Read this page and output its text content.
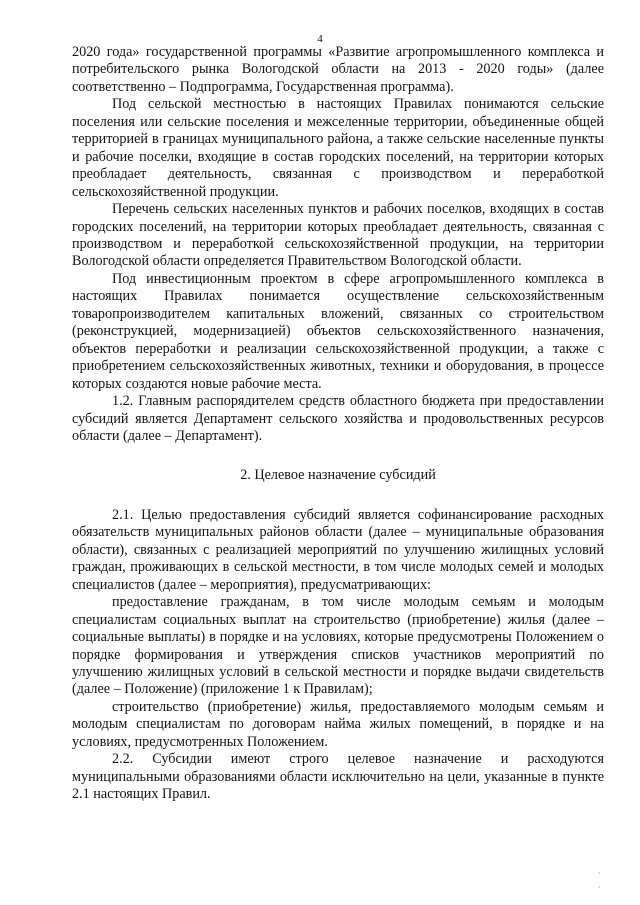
4

2020 года» государственной программы «Развитие агропромышленного комплекса и потребительского рынка Вологодской области на 2013 - 2020 годы» (далее соответственно – Подпрограмма, Государственная программа).

Под сельской местностью в настоящих Правилах понимаются сельские поселения или сельские поселения и межселенные территории, объединенные общей территорией в границах муниципального района, а также сельские населенные пункты и рабочие поселки, входящие в состав городских поселений, на территории которых преобладает деятельность, связанная с производством и переработкой сельскохозяйственной продукции.

Перечень сельских населенных пунктов и рабочих поселков, входящих в состав городских поселений, на территории которых преобладает деятельность, связанная с производством и переработкой сельскохозяйственной продукции, на территории Вологодской области определяется Правительством Вологодской области.

Под инвестиционным проектом в сфере агропромышленного комплекса в настоящих Правилах понимается осуществление сельскохозяйственным товаропроизводителем капитальных вложений, связанных со строительством (реконструкцией, модернизацией) объектов сельскохозяйственного назначения, объектов переработки и реализации сельскохозяйственной продукции, а также с приобретением сельскохозяйственных животных, техники и оборудования, в процессе которых создаются новые рабочие места.

1.2. Главным распорядителем средств областного бюджета при предоставлении субсидий является Департамент сельского хозяйства и продовольственных ресурсов области (далее – Департамент).

2. Целевое назначение субсидий

2.1. Целью предоставления субсидий является софинансирование расходных обязательств муниципальных районов области (далее – муниципальные образования области), связанных с реализацией мероприятий по улучшению жилищных условий граждан, проживающих в сельской местности, в том числе молодых семей и молодых специалистов (далее – мероприятия), предусматривающих:

предоставление гражданам, в том числе молодым семьям и молодым специалистам социальных выплат на строительство (приобретение) жилья (далее – социальные выплаты) в порядке и на условиях, которые предусмотрены Положением о порядке формирования и утверждения списков участников мероприятий по улучшению жилищных условий в сельской местности и порядке выдачи свидетельств (далее – Положение) (приложение 1 к Правилам);

строительство (приобретение) жилья, предоставляемого молодым семьям и молодым специалистам по договорам найма жилых помещений, в порядке и на условиях, предусмотренных Положением.

2.2. Субсидии имеют строго целевое назначение и расходуются муниципальными образованиями области исключительно на цели, указанные в пункте 2.1 настоящих Правил.
